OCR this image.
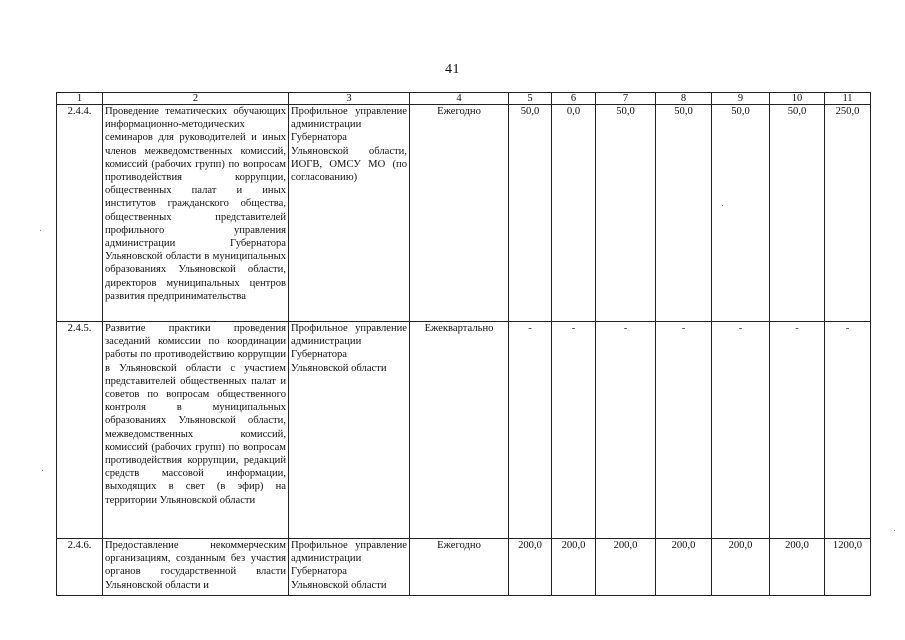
41
1	2	3	4	5	6	7	8	9	10	11
2.4.4.	Проведение тематических обучающих информационно-методических семинаров для руководителей и иных членов межведомственных комиссий, комиссий (рабочих групп) по вопросам противодействия коррупции, общественных палат и иных институтов гражданского общества, общественных представителей профильного управления администрации Губернатора Ульяновской области в муниципальных образованиях Ульяновской области, директоров муниципальных центров развития предпринимательства	Профильное управление администрации Губернатора Ульяновской области, ИОГВ, ОМСУ МО (по согласованию)	Ежегодно	50,0	0,0	50,0	50,0	50,0	50,0	250,0
2.4.5.	Развитие практики проведения заседаний комиссии по координации работы по противодействию коррупции в Ульяновской области с участием представителей общественных палат и советов по вопросам общественного контроля в муниципальных образованиях Ульяновской области, межведомственных комиссий, комиссий (рабочих групп) по вопросам противодействия коррупции, редакций средств массовой информации, выходящих в свет (в эфир) на территории Ульяновской области	Профильное управление администрации Губернатора Ульяновской области	Ежеквартально	-	-	-	-	-	-	-
2.4.6.	Предоставление некоммерческим организациям, созданным без участия органов государственной власти Ульяновской области и	Профильное управление администрации Губернатора Ульяновской области	Ежегодно	200,0	200,0	200,0	200,0	200,0	200,0	1200,0
